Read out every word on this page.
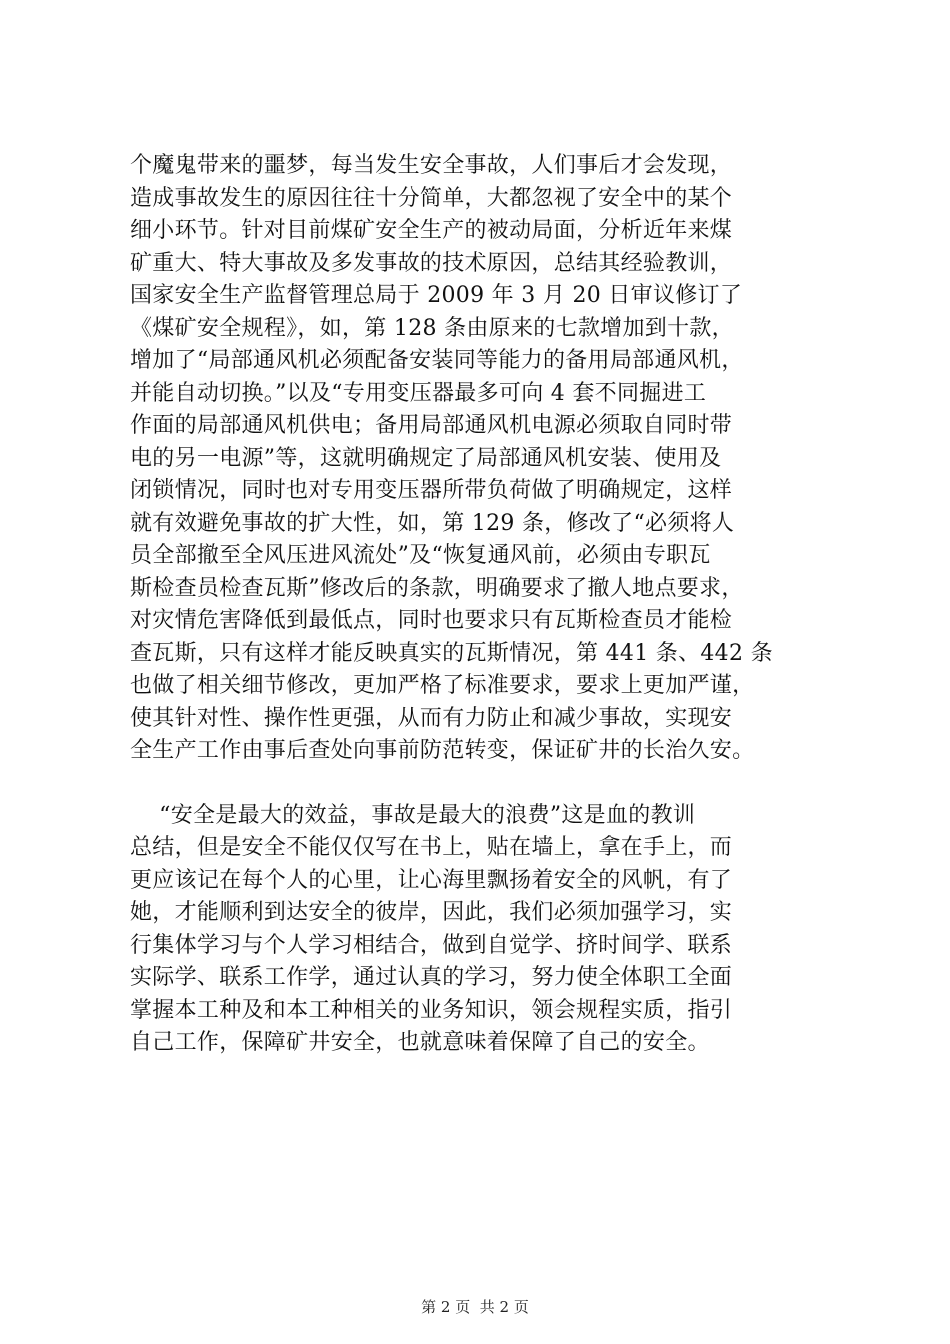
个魔鬼带来的噩梦，每当发生安全事故，人们事后才会发现，
造成事故发生的原因往往十分简单，大都忽视了安全中的某个
细小环节。针对目前煤矿安全生产的被动局面，分析近年来煤
矿重大、特大事故及多发事故的技术原因，总结其经验教训，
国家安全生产监督管理总局于 2009 年 3 月 20 日审议修订了
《煤矿安全规程》，如，第 128 条由原来的七款增加到十款，
增加了“局部通风机必须配备安装同等能力的备用局部通风机，
并能自动切换。”以及“专用变压器最多可向 4 套不同掘进工
作面的局部通风机供电；备用局部通风机电源必须取自同时带
电的另一电源”等，这就明确规定了局部通风机安装、使用及
闭锁情况，同时也对专用变压器所带负荷做了明确规定，这样
就有效避免事故的扩大性，如，第 129 条，修改了“必须将人
员全部撤至全风压进风流处”及“恢复通风前，必须由专职瓦
斯检查员检查瓦斯”修改后的条款，明确要求了撤人地点要求，
对灾情危害降低到最低点，同时也要求只有瓦斯检查员才能检
查瓦斯，只有这样才能反映真实的瓦斯情况，第 441 条、442 条
也做了相关细节修改，更加严格了标准要求，要求上更加严谨，
使其针对性、操作性更强，从而有力防止和减少事故，实现安
全生产工作由事后查处向事前防范转变，保证矿井的长治久安。
“安全是最大的效益，事故是最大的浪费”这是血的教训
总结，但是安全不能仅仅写在书上，贴在墙上，拿在手上，而
更应该记在每个人的心里，让心海里飘扬着安全的风帆，有了
她，才能顺利到达安全的彼岸，因此，我们必须加强学习，实
行集体学习与个人学习相结合，做到自觉学、挤时间学、联系
实际学、联系工作学，通过认真的学习，努力使全体职工全面
掌握本工种及和本工种相关的业务知识，领会规程实质，指引
自己工作，保障矿井安全，也就意味着保障了自己的安全。
第 2 页  共 2 页
